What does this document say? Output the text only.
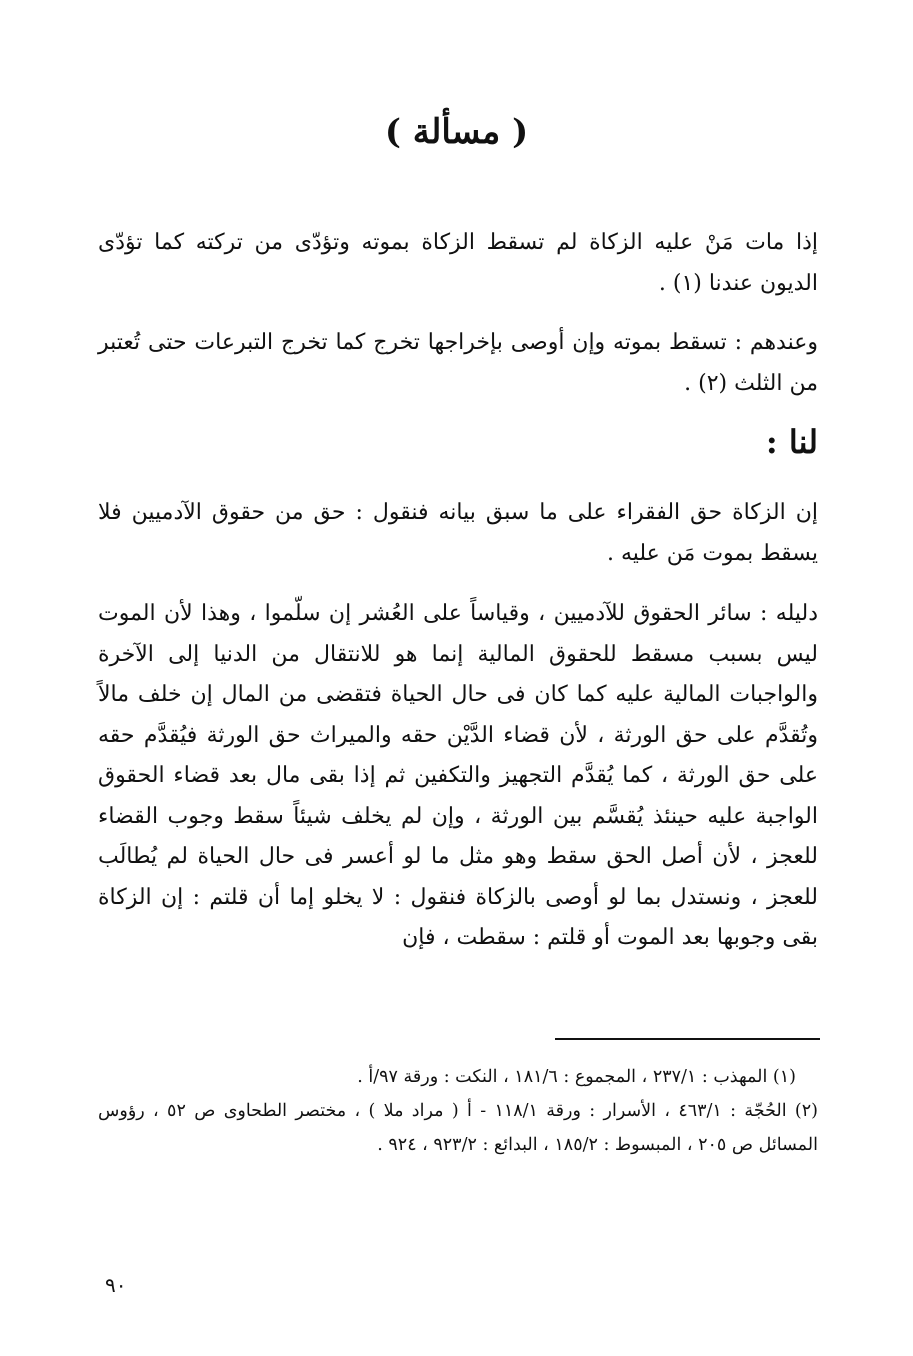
( مسألة )

إذا مات مَنْ عليه الزكاة لم تسقط الزكاة بموته وتؤدّى من تركته كما تؤدّى الديون عندنا (١) .

وعندهم : تسقط بموته وإن أوصى بإخراجها تخرج كما تخرج التبرعات حتى تُعتبر من الثلث (٢) .

لنا :

إن الزكاة حق الفقراء على ما سبق بيانه فنقول : حق من حقوق الآدميين فلا يسقط بموت مَن عليه .

دليله : سائر الحقوق للآدميين ، وقياساً على العُشر إن سلّموا ، وهذا لأن الموت ليس بسبب مسقط للحقوق المالية إنما هو للانتقال من الدنيا إلى الآخرة والواجبات المالية عليه كما كان فى حال الحياة فتقضى من المال إن خلف مالاً وتُقدَّم على حق الورثة ، لأن قضاء الدَّيْن حقه والميراث حق الورثة فيُقدَّم حقه على حق الورثة ، كما يُقدَّم التجهيز والتكفين ثم إذا بقى مال بعد قضاء الحقوق الواجبة عليه حينئذ يُقسَّم بين الورثة ، وإن لم يخلف شيئاً سقط وجوب القضاء للعجز ، لأن أصل الحق سقط وهو مثل ما لو أعسر فى حال الحياة لم يُطالَب للعجز ، ونستدل بما لو أوصى بالزكاة فنقول : لا يخلو إما أن قلتم : إن الزكاة بقى وجوبها بعد الموت أو قلتم : سقطت ، فإن

(١) المهذب : ٢٣٧/١ ، المجموع : ١٨١/٦ ، النكت : ورقة ٩٧/أ .

(٢) الحُجّة : ٤٦٣/١ ، الأسرار : ورقة ١١٨/١ - أ ( مراد ملا ) ، مختصر الطحاوى ص ٥٢ ، رؤوس المسائل ص ٢٠٥ ، المبسوط : ١٨٥/٢ ، البدائع : ٩٢٣/٢ ، ٩٢٤ .

٩٠
